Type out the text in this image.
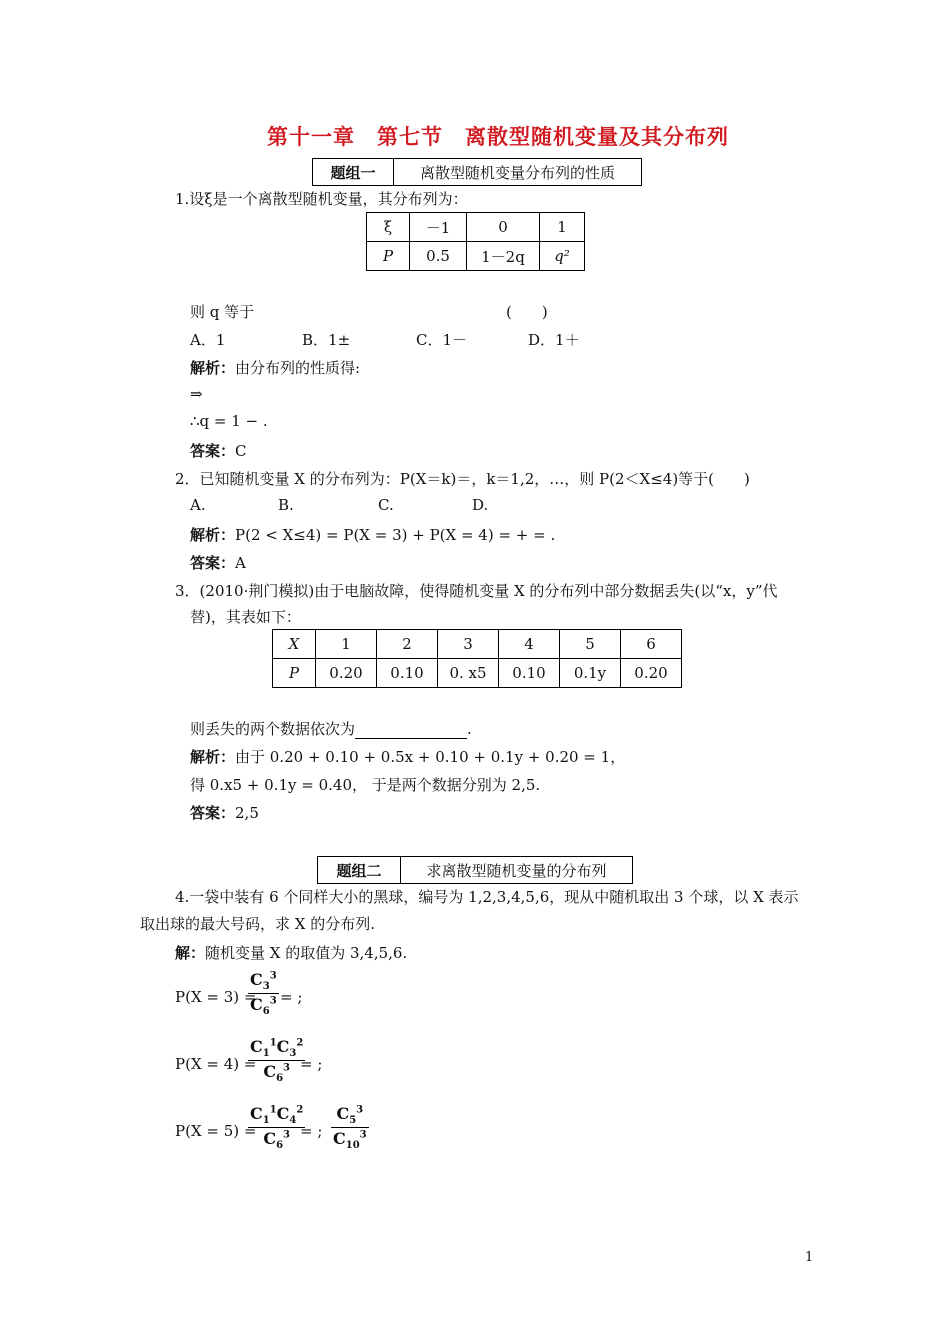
第十一章　第七节　离散型随机变量及其分布列
题组一	离散型随机变量分布列的性质
1.设ξ是一个离散型随机变量，其分布列为：
ξ	－1	0	1
P	0.5	1－2q	q²
则 q 等于	(　　)
A．1	B．1±	C．1－	D．1＋
解析：由分布列的性质得:
⇒
∴q = 1 − .
答案：C
2．已知随机变量 X 的分布列为：P(X＝k)＝，k＝1,2，…，则 P(2＜X≤4)等于(　　)
A.	B.	C.	D.
解析：P(2 < X≤4) = P(X = 3) + P(X = 4) = + = .
答案：A
3．(2010·荆门模拟)由于电脑故障，使得随机变量 X 的分布列中部分数据丢失(以“x，y”代
替)，其表如下：
X	1	2	3	4	5	6
P	0.20	0.10	0. x5	0.10	0.1y	0.20
则丢失的两个数据依次为	.
解析：由于 0.20 + 0.10 + 0.5x + 0.10 + 0.1y + 0.20 = 1，
得 0.x5 + 0.1y = 0.40， 于是两个数据分别为 2,5.
答案：2,5
题组二	求离散型随机变量的分布列
4.一袋中装有 6 个同样大小的黑球，编号为 1,2,3,4,5,6，现从中随机取出 3 个球，以 X 表示
取出球的最大号码，求 X 的分布列.
解：随机变量 X 的取值为 3,4,5,6.
P(X = 3) =
$C_3^3$
$C_6^3$ = ;
P(X = 4) =
$C_1^1C_3^2$
$C_6^3$ = ;
P(X = 5) =
$C_1^1C_4^2$
$C_6^3$ = ;
$C_5^3$
$C_{10}^3$
1
